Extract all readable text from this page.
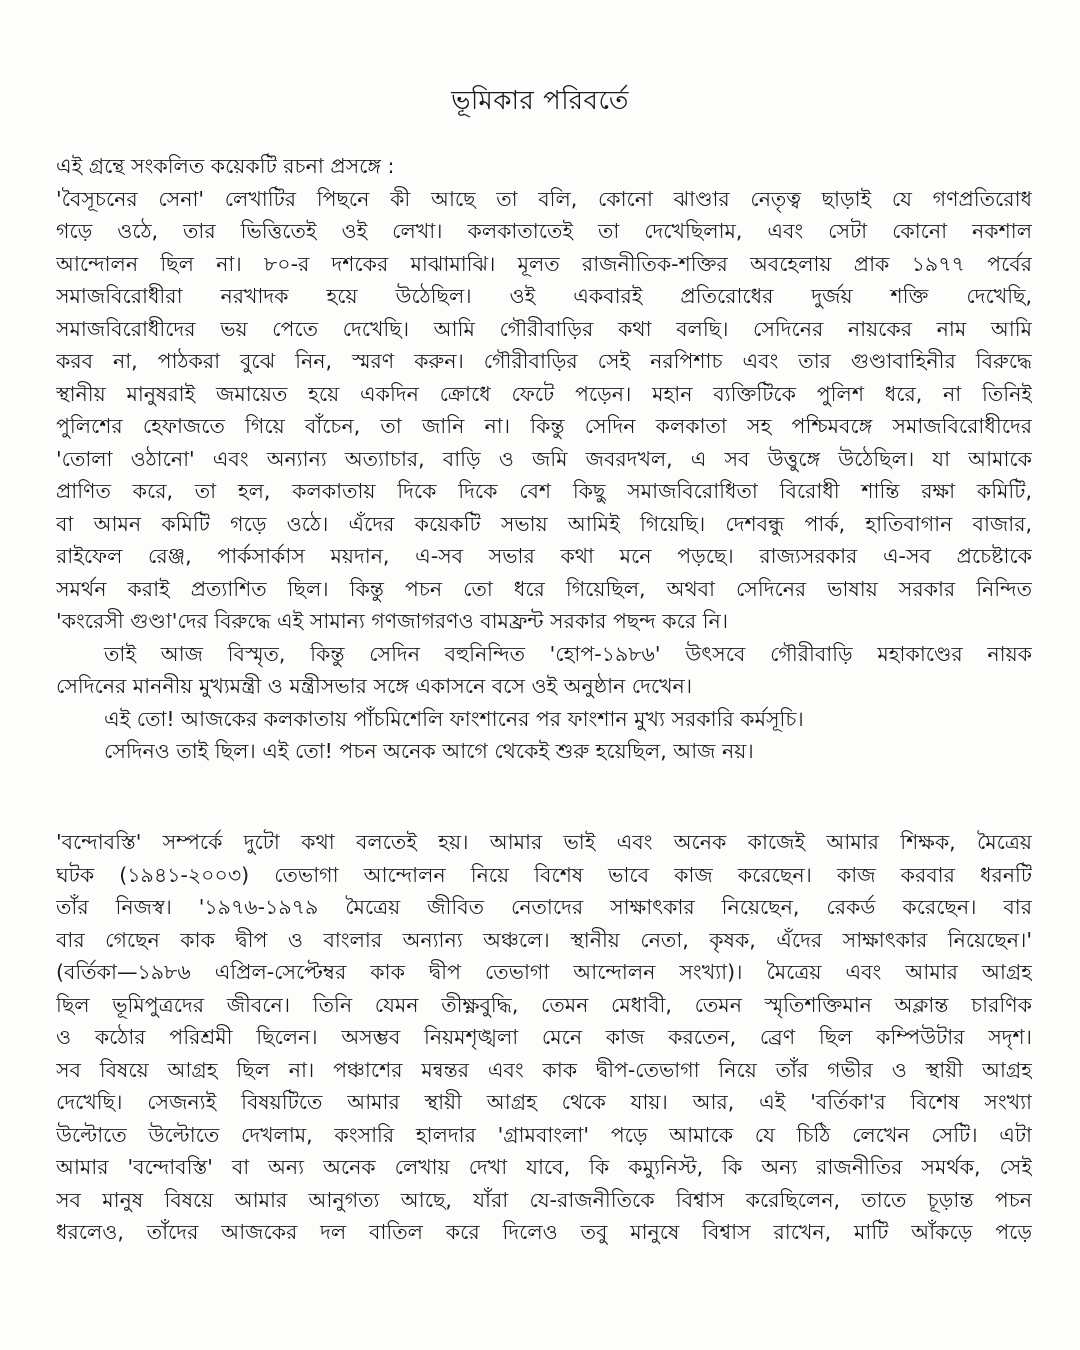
ভূমিকার পরিবর্তে
এই গ্রন্থে সংকলিত কয়েকটি রচনা প্রসঙ্গে :
'বৈসূচনের সেনা' লেখাটির পিছনে কী আছে তা বলি, কোনো ঝাণ্ডার নেতৃত্ব ছাড়াই যে গণপ্রতিরোধ
গড়ে ওঠে, তার ভিত্তিতেই ওই লেখা। কলকাতাতেই তা দেখেছিলাম, এবং সেটা কোনো নকশাল
আন্দোলন ছিল না। ৮০-র দশকের মাঝামাঝি। মূলত রাজনীতিক-শক্তির অবহেলায় প্রাক ১৯৭৭ পর্বের
সমাজবিরোধীরা নরখাদক হয়ে উঠেছিল। ওই একবারই প্রতিরোধের দুর্জয় শক্তি দেখেছি,
সমাজবিরোধীদের ভয় পেতে দেখেছি। আমি গৌরীবাড়ির কথা বলছি। সেদিনের নায়কের নাম আমি
করব না, পাঠকরা বুঝে নিন, স্মরণ করুন। গৌরীবাড়ির সেই নরপিশাচ এবং তার গুণ্ডাবাহিনীর বিরুদ্ধে
স্থানীয় মানুষরাই জমায়েত হয়ে একদিন ক্রোধে ফেটে পড়েন। মহান ব্যক্তিটিকে পুলিশ ধরে, না তিনিই
পুলিশের হেফাজতে গিয়ে বাঁচেন, তা জানি না। কিন্তু সেদিন কলকাতা সহ পশ্চিমবঙ্গে সমাজবিরোধীদের
'তোলা ওঠানো' এবং অন্যান্য অত্যাচার, বাড়ি ও জমি জবরদখল, এ সব উত্তুঙ্গে উঠেছিল। যা আমাকে
প্রাণিত করে, তা হল, কলকাতায় দিকে দিকে বেশ কিছু সমাজবিরোধিতা বিরোধী শান্তি রক্ষা কমিটি,
বা আমন কমিটি গড়ে ওঠে। এঁদের কয়েকটি সভায় আমিই গিয়েছি। দেশবন্ধু পার্ক, হাতিবাগান বাজার,
রাইফেল রেঞ্জ, পার্কসার্কাস ময়দান, এ-সব সভার কথা মনে পড়ছে। রাজ্যসরকার এ-সব প্রচেষ্টাকে
সমর্থন করাই প্রত্যাশিত ছিল। কিন্তু পচন তো ধরে গিয়েছিল, অথবা সেদিনের ভাষায় সরকার নিন্দিত
'কংরেসী গুণ্ডা'দের বিরুদ্ধে এই সামান্য গণজাগরণও বামফ্রন্ট সরকার পছন্দ করে নি।
তাই আজ বিস্মৃত, কিন্তু সেদিন বহুনিন্দিত 'হোপ-১৯৮৬' উৎসবে গৌরীবাড়ি মহাকাণ্ডের নায়ক
সেদিনের মাননীয় মুখ্যমন্ত্রী ও মন্ত্রীসভার সঙ্গে একাসনে বসে ওই অনুষ্ঠান দেখেন।
এই তো! আজকের কলকাতায় পাঁচমিশেলি ফাংশানের পর ফাংশান মুখ্য সরকারি কর্মসূচি।
সেদিনও তাই ছিল। এই তো! পচন অনেক আগে থেকেই শুরু হয়েছিল, আজ নয়।
'বন্দোবস্তি' সম্পর্কে দুটো কথা বলতেই হয়। আমার ভাই এবং অনেক কাজেই আমার শিক্ষক, মৈত্রেয়
ঘটক (১৯৪১-২০০৩) তেভাগা আন্দোলন নিয়ে বিশেষ ভাবে কাজ করেছেন। কাজ করবার ধরনটি
তাঁর নিজস্ব। '১৯৭৬-১৯৭৯ মৈত্রেয় জীবিত নেতাদের সাক্ষাৎকার নিয়েছেন, রেকর্ড করেছেন। বার
বার গেছেন কাক দ্বীপ ও বাংলার অন্যান্য অঞ্চলে। স্থানীয় নেতা, কৃষক, এঁদের সাক্ষাৎকার নিয়েছেন।'
(বর্তিকা—১৯৮৬ এপ্রিল-সেপ্টেম্বর কাক দ্বীপ তেভাগা আন্দোলন সংখ্যা)। মৈত্রেয় এবং আমার আগ্রহ
ছিল ভূমিপুত্রদের জীবনে। তিনি যেমন তীক্ষ্ণবুদ্ধি, তেমন মেধাবী, তেমন স্মৃতিশক্তিমান অক্লান্ত চারণিক
ও কঠোর পরিশ্রমী ছিলেন। অসম্ভব নিয়মশৃঙ্খলা মেনে কাজ করতেন, ব্রেণ ছিল কম্পিউটার সদৃশ।
সব বিষয়ে আগ্রহ ছিল না। পঞ্চাশের মন্বন্তর এবং কাক দ্বীপ-তেভাগা নিয়ে তাঁর গভীর ও স্থায়ী আগ্রহ
দেখেছি। সেজন্যই বিষয়টিতে আমার স্থায়ী আগ্রহ থেকে যায়। আর, এই 'বর্তিকা'র বিশেষ সংখ্যা
উল্টোতে উল্টোতে দেখলাম, কংসারি হালদার 'গ্রামবাংলা' পড়ে আমাকে যে চিঠি লেখেন সেটি। এটা
আমার 'বন্দোবস্তি' বা অন্য অনেক লেখায় দেখা যাবে, কি কম্যুনিস্ট, কি অন্য রাজনীতির সমর্থক, সেই
সব মানুষ বিষয়ে আমার আনুগত্য আছে, যাঁরা যে-রাজনীতিকে বিশ্বাস করেছিলেন, তাতে চূড়ান্ত পচন
ধরলেও, তাঁদের আজকের দল বাতিল করে দিলেও তবু মানুষে বিশ্বাস রাখেন, মাটি আঁকড়ে পড়ে
